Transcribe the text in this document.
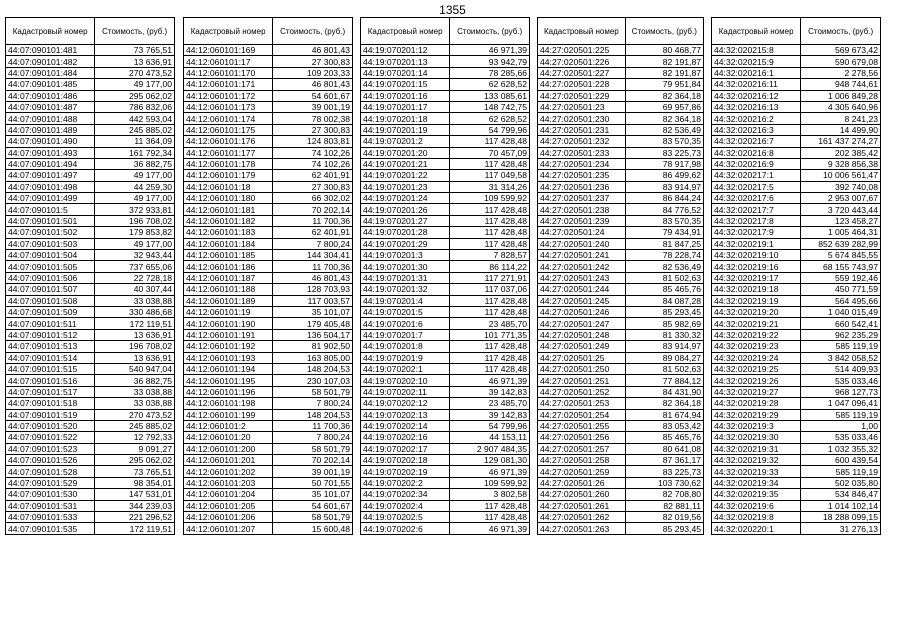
1355
Кадастровый номер	Стоимость, (руб.)
44:07:090101:481	73 765,51
44:07:090101:482	13 636,91
44:07:090101:484	270 473,52
44:07:090101:485	49 177,00
44:07:090101:486	295 062,02
44:07:090101:487	786 832,06
44:07:090101:488	442 593,04
44:07:090101:489	245 885,02
44:07:090101:490	11 364,09
44:07:090101:493	161 792,34
44:07:090101:494	36 882,75
44:07:090101:497	49 177,00
44:07:090101:498	44 259,30
44:07:090101:499	49 177,00
44:07:090101:5	372 933,81
44:07:090101:501	196 708,02
44:07:090101:502	179 853,82
44:07:090101:503	49 177,00
44:07:090101:504	32 943,44
44:07:090101:505	737 655,06
44:07:090101:506	22 728,18
44:07:090101:507	40 307,44
44:07:090101:508	33 038,88
44:07:090101:509	330 486,68
44:07:090101:511	172 119,51
44:07:090101:512	13 636,91
44:07:090101:513	196 708,02
44:07:090101:514	13 636,91
44:07:090101:515	540 947,04
44:07:090101:516	36 882,75
44:07:090101:517	33 038,88
44:07:090101:518	33 038,88
44:07:090101:519	270 473,52
44:07:090101:520	245 885,02
44:07:090101:522	12 792,33
44:07:090101:523	9 091,27
44:07:090101:526	295 062,02
44:07:090101:528	73 765,51
44:07:090101:529	98 354,01
44:07:090101:530	147 531,01
44:07:090101:531	344 239,03
44:07:090101:533	221 296,52
44:07:090101:535	172 119,51
Кадастровый номер	Стоимость, (руб.)
44:12:060101:169	46 801,43
44:12:060101:17	27 300,83
44:12:060101:170	109 203,33
44:12:060101:171	46 801,43
44:12:060101:172	54 601,67
44:12:060101:173	39 001,19
44:12:060101:174	78 002,38
44:12:060101:175	27 300,83
44:12:060101:176	124 803,81
44:12:060101:177	74 102,26
44:12:060101:178	74 102,26
44:12:060101:179	62 401,91
44:12:060101:18	27 300,83
44:12:060101:180	66 302,02
44:12:060101:181	70 202,14
44:12:060101:182	11 700,36
44:12:060101:183	62 401,91
44:12:060101:184	7 800,24
44:12:060101:185	144 304,41
44:12:060101:186	11 700,36
44:12:060101:187	46 801,43
44:12:060101:188	128 703,93
44:12:060101:189	117 003,57
44:12:060101:19	35 101,07
44:12:060101:190	179 405,48
44:12:060101:191	136 504,17
44:12:060101:192	81 902,50
44:12:060101:193	163 805,00
44:12:060101:194	148 204,53
44:12:060101:195	230 107,03
44:12:060101:196	58 501,79
44:12:060101:198	7 800,24
44:12:060101:199	148 204,53
44:12:060101:2	11 700,36
44:12:060101:20	7 800,24
44:12:060101:200	58 501,79
44:12:060101:201	70 202,14
44:12:060101:202	39 001,19
44:12:060101:203	50 701,55
44:12:060101:204	35 101,07
44:12:060101:205	54 601,67
44:12:060101:206	58 501,79
44:12:060101:207	15 600,48
Кадастровый номер	Стоимость, (руб.)
44:19:070201:12	46 971,39
44:19:070201:13	93 942,79
44:19:070201:14	78 285,66
44:19:070201:15	62 628,52
44:19:070201:16	133 085,61
44:19:070201:17	148 742,75
44:19:070201:18	62 628,52
44:19:070201:19	54 799,96
44:19:070201:2	117 428,48
44:19:070201:20	70 457,09
44:19:070201:21	117 428,48
44:19:070201:22	117 049,58
44:19:070201:23	31 314,26
44:19:070201:24	109 599,92
44:19:070201:26	117 428,48
44:19:070201:27	117 428,48
44:19:070201:28	117 428,48
44:19:070201:29	117 428,48
44:19:070201:3	7 828,57
44:19:070201:30	86 114,22
44:19:070201:31	117 271,91
44:19:070201:32	117 037,06
44:19:070201:4	117 428,48
44:19:070201:5	117 428,48
44:19:070201:6	23 485,70
44:19:070201:7	101 771,35
44:19:070201:8	117 428,48
44:19:070201:9	117 428,48
44:19:070202:1	117 428,48
44:19:070202:10	46 971,39
44:19:070202:11	39 142,83
44:19:070202:12	23 485,70
44:19:070202:13	39 142,83
44:19:070202:14	54 799,96
44:19:070202:16	44 153,11
44:19:070202:17	2 907 484,35
44:19:070202:18	129 081,30
44:19:070202:19	46 971,39
44:19:070202:2	109 599,92
44:19:070202:34	3 802,58
44:19:070202:4	117 428,48
44:19:070202:5	117 428,48
44:19:070202:6	46 971,39
Кадастровый номер	Стоимость, (руб.)
44:27:020501:225	80 468,77
44:27:020501:226	82 191,87
44:27:020501:227	82 191,87
44:27:020501:228	79 951,84
44:27:020501:229	82 364,18
44:27:020501:23	69 957,86
44:27:020501:230	82 364,18
44:27:020501:231	82 536,49
44:27:020501:232	83 570,35
44:27:020501:233	83 225,73
44:27:020501:234	78 917,98
44:27:020501:235	86 499,62
44:27:020501:236	83 914,97
44:27:020501:237	86 844,24
44:27:020501:238	84 776,52
44:27:020501:239	83 570,35
44:27:020501:24	79 434,91
44:27:020501:240	81 847,25
44:27:020501:241	78 228,74
44:27:020501:242	82 536,49
44:27:020501:243	81 502,63
44:27:020501:244	85 465,76
44:27:020501:245	84 087,28
44:27:020501:246	85 293,45
44:27:020501:247	85 982,69
44:27:020501:248	81 330,32
44:27:020501:249	83 914,97
44:27:020501:25	89 084,27
44:27:020501:250	81 502,63
44:27:020501:251	77 884,12
44:27:020501:252	84 431,90
44:27:020501:253	82 364,18
44:27:020501:254	81 674,94
44:27:020501:255	83 053,42
44:27:020501:256	85 465,76
44:27:020501:257	80 641,08
44:27:020501:258	87 361,17
44:27:020501:259	83 225,73
44:27:020501:26	103 730,62
44:27:020501:260	82 708,80
44:27:020501:261	82 881,11
44:27:020501:262	82 019,56
44:27:020501:263	85 293,45
Кадастровый номер	Стоимость, (руб.)
44:32:020215:8	569 673,42
44:32:020215:9	590 679,08
44:32:020216:1	2 278,56
44:32:020216:11	948 744,61
44:32:020216:12	1 006 849,28
44:32:020216:13	4 305 640,96
44:32:020216:2	8 241,23
44:32:020216:3	14 499,90
44:32:020216:7	161 437 274,27
44:32:020216:8	202 385,42
44:32:020216:9	9 328 856,38
44:32:020217:1	10 006 561,47
44:32:020217:5	392 740,08
44:32:020217:6	2 953 007,67
44:32:020217:7	3 720 443,44
44:32:020217:8	123 458,27
44:32:020217:9	1 005 464,31
44:32:020219:1	852 639 282,99
44:32:020219:10	5 674 845,55
44:32:020219:16	68 155 743,97
44:32:020219:17	559 192,46
44:32:020219:18	450 771,59
44:32:020219:19	564 495,66
44:32:020219:20	1 040 015,49
44:32:020219:21	660 542,41
44:32:020219:22	962 235,29
44:32:020219:23	585 119,19
44:32:020219:24	3 842 058,52
44:32:020219:25	514 409,93
44:32:020219:26	535 033,46
44:32:020219:27	968 127,73
44:32:020219:28	1 047 096,41
44:32:020219:29	585 119,19
44:32:020219:3	1,00
44:32:020219:30	535 033,46
44:32:020219:31	1 032 355,32
44:32:020219:32	600 439,54
44:32:020219:33	585 119,19
44:32:020219:34	502 035,80
44:32:020219:35	534 846,47
44:32:020219:6	1 014 102,14
44:32:020219:8	18 288 099,15
44:32:020220:1	31 276,13
